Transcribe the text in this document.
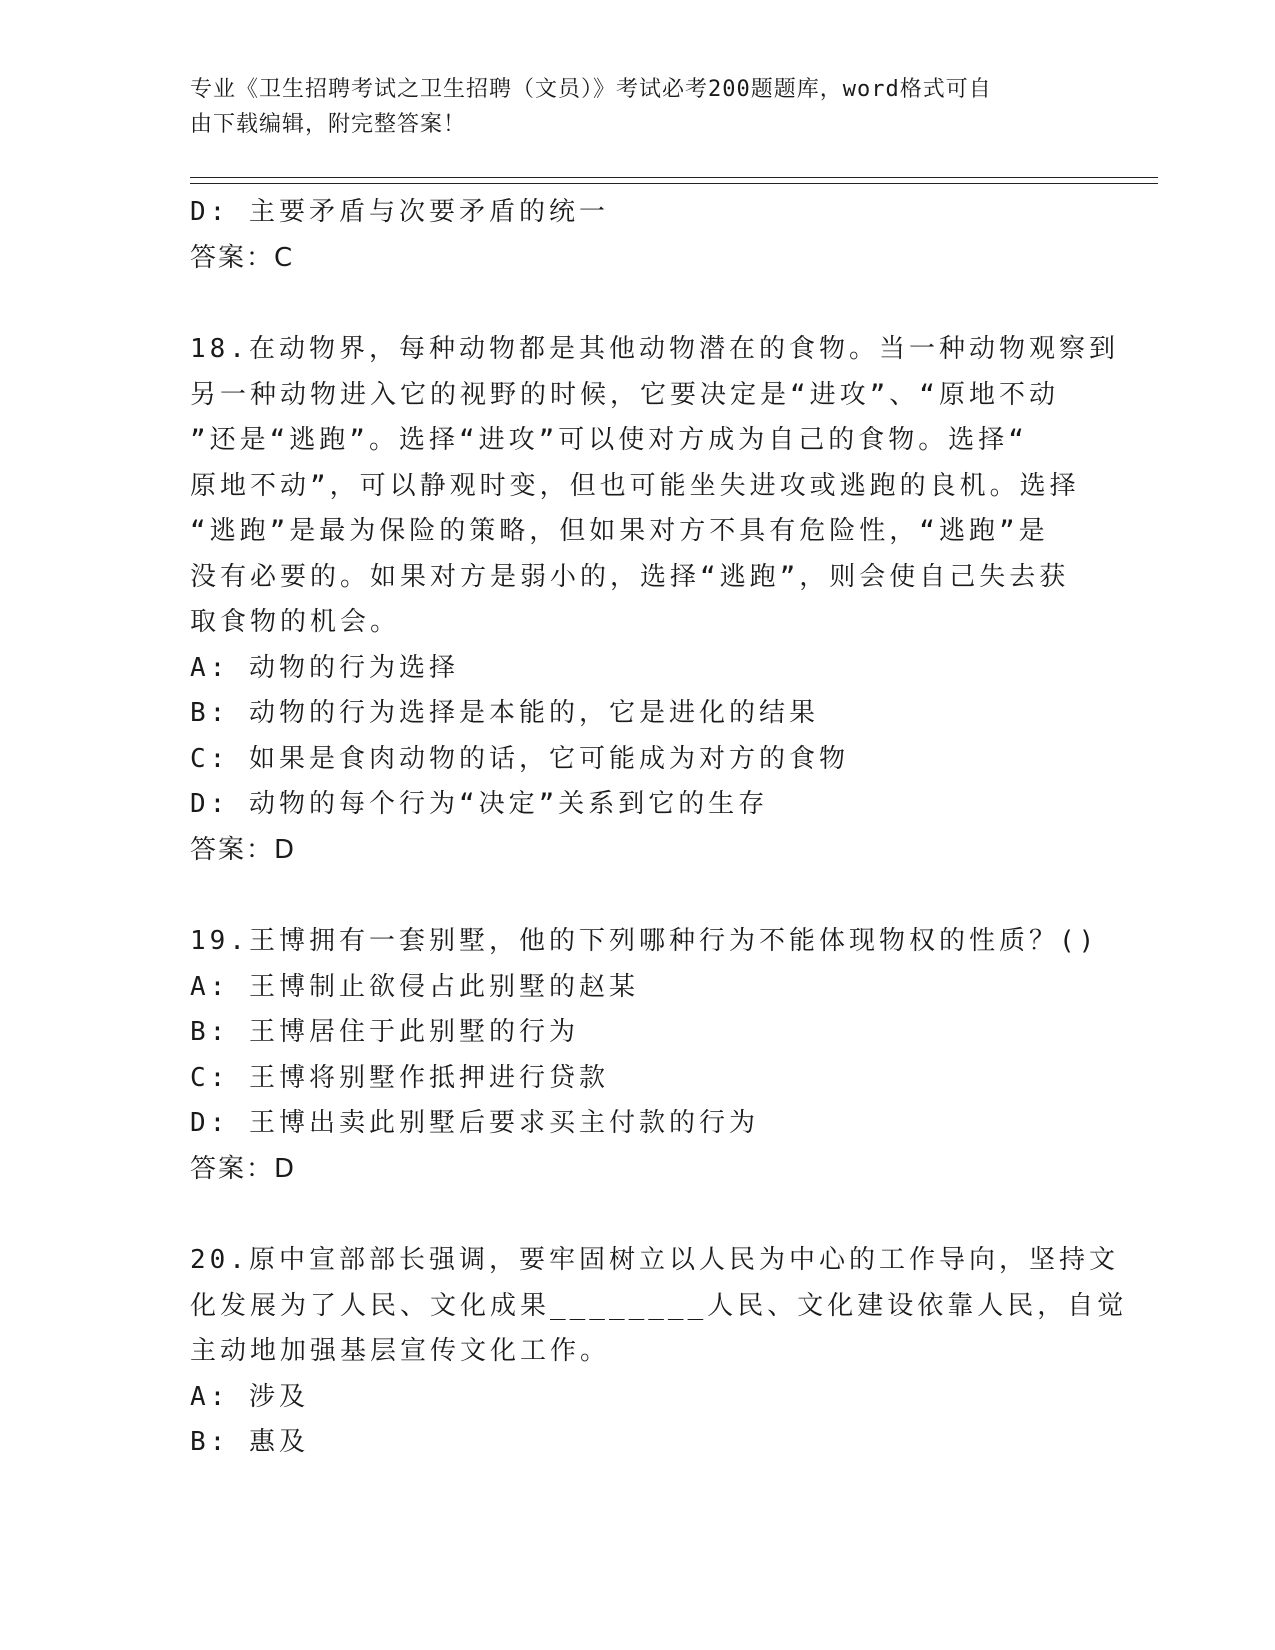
专业《卫生招聘考试之卫生招聘（文员）》考试必考200题题库，word格式可自
由下载编辑，附完整答案！
D: 主要矛盾与次要矛盾的统一
答案：C
18.在动物界，每种动物都是其他动物潜在的食物。当一种动物观察到
另一种动物进入它的视野的时候，它要决定是“进攻”、“原地不动
”还是“逃跑”。选择“进攻”可以使对方成为自己的食物。选择“
原地不动”，可以静观时变，但也可能坐失进攻或逃跑的良机。选择
“逃跑”是最为保险的策略，但如果对方不具有危险性，“逃跑”是
没有必要的。如果对方是弱小的，选择“逃跑”，则会使自己失去获
取食物的机会。
A: 动物的行为选择
B: 动物的行为选择是本能的，它是进化的结果
C: 如果是食肉动物的话，它可能成为对方的食物
D: 动物的每个行为“决定”关系到它的生存
答案：D
19.王博拥有一套别墅，他的下列哪种行为不能体现物权的性质？()
A: 王博制止欲侵占此别墅的赵某
B: 王博居住于此别墅的行为
C: 王博将别墅作抵押进行贷款
D: 王博出卖此别墅后要求买主付款的行为
答案：D
20.原中宣部部长强调，要牢固树立以人民为中心的工作导向，坚持文
化发展为了人民、文化成果________人民、文化建设依靠人民，自觉
主动地加强基层宣传文化工作。
A: 涉及
B: 惠及
